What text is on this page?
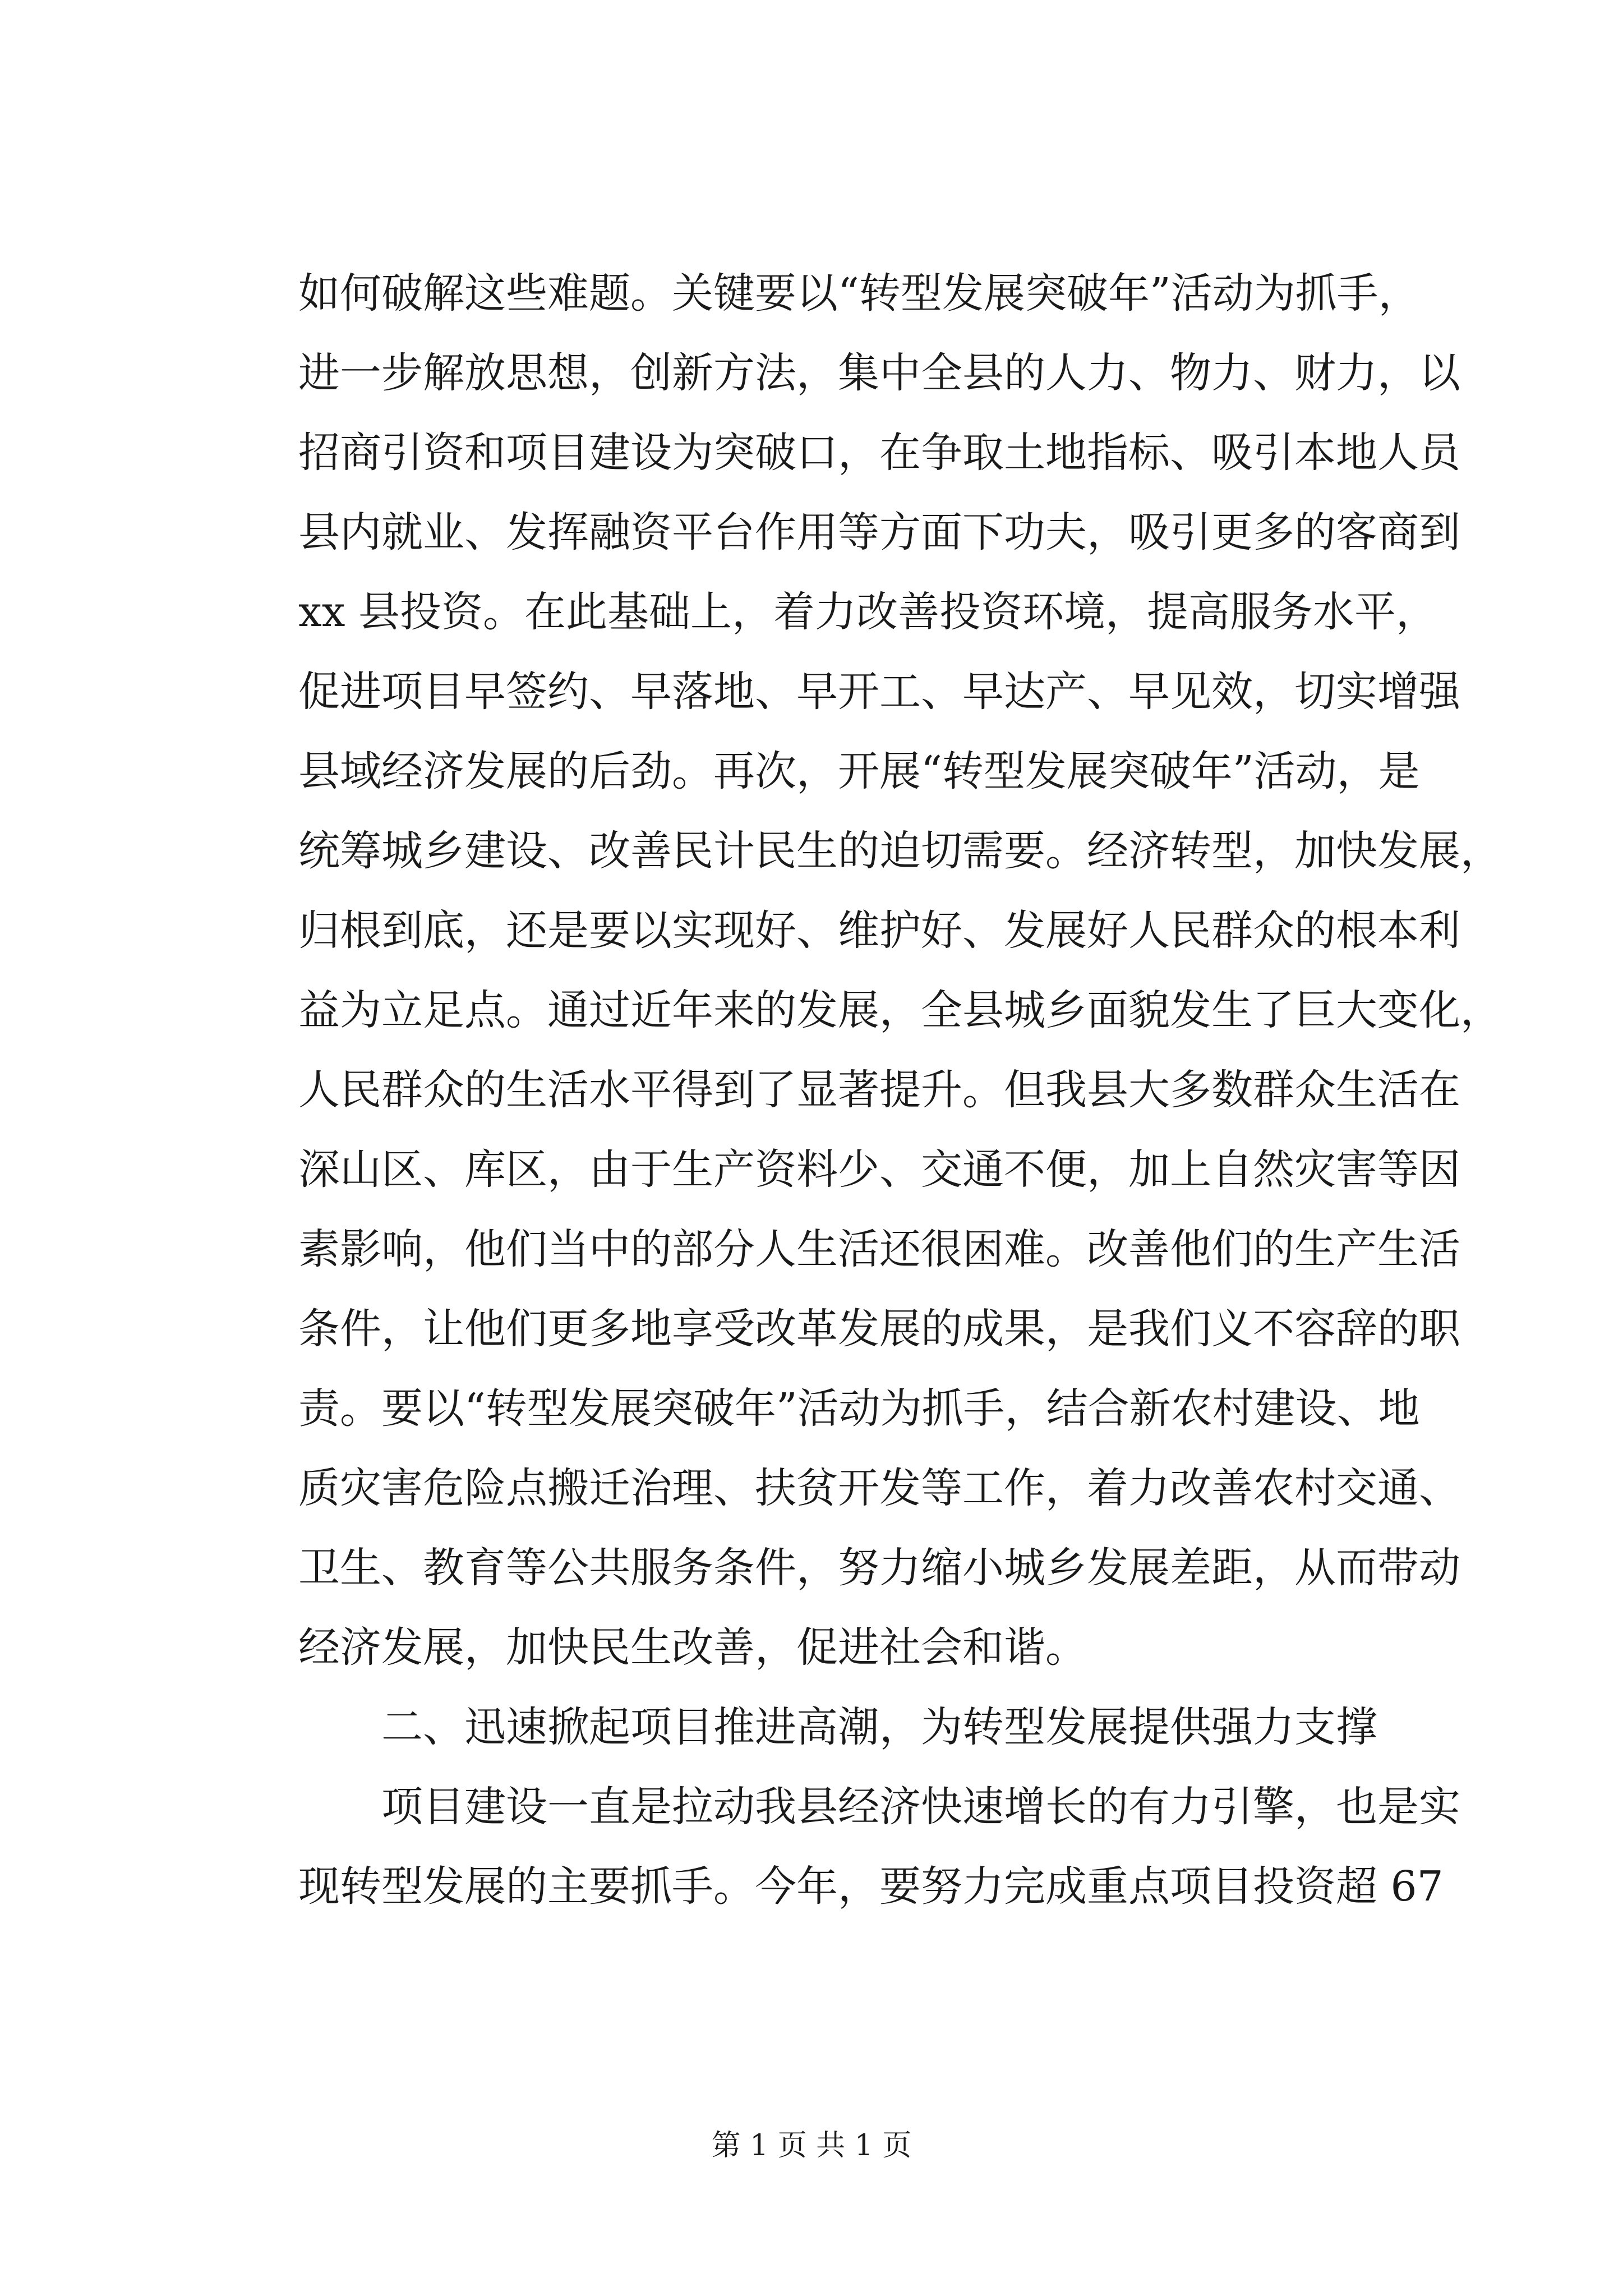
如何破解这些难题。关键要以“转型发展突破年”活动为抓手，
进一步解放思想，创新方法，集中全县的人力、物力、财力，以
招商引资和项目建设为突破口，在争取土地指标、吸引本地人员
县内就业、发挥融资平台作用等方面下功夫，吸引更多的客商到
xx 县投资。在此基础上，着力改善投资环境，提高服务水平，
促进项目早签约、早落地、早开工、早达产、早见效，切实增强
县域经济发展的后劲。再次，开展“转型发展突破年”活动，是
统筹城乡建设、改善民计民生的迫切需要。经济转型，加快发展，
归根到底，还是要以实现好、维护好、发展好人民群众的根本利
益为立足点。通过近年来的发展，全县城乡面貌发生了巨大变化，
人民群众的生活水平得到了显著提升。但我县大多数群众生活在
深山区、库区，由于生产资料少、交通不便，加上自然灾害等因
素影响，他们当中的部分人生活还很困难。改善他们的生产生活
条件，让他们更多地享受改革发展的成果，是我们义不容辞的职
责。要以“转型发展突破年”活动为抓手，结合新农村建设、地
质灾害危险点搬迁治理、扶贫开发等工作，着力改善农村交通、
卫生、教育等公共服务条件，努力缩小城乡发展差距，从而带动
经济发展，加快民生改善，促进社会和谐。
二、迅速掀起项目推进高潮，为转型发展提供强力支撑
项目建设一直是拉动我县经济快速增长的有力引擎，也是实
现转型发展的主要抓手。今年，要努力完成重点项目投资超 67
第 1 页 共 1 页
